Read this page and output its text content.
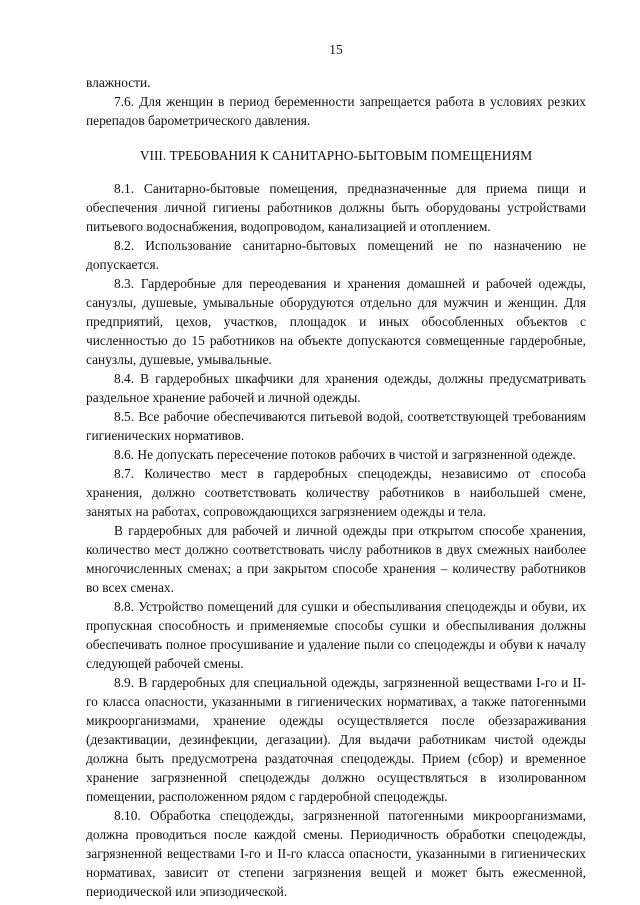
15

влажности.

7.6. Для женщин в период беременности запрещается работа в условиях резких перепадов барометрического давления.

VIII. ТРЕБОВАНИЯ К САНИТАРНО-БЫТОВЫМ ПОМЕЩЕНИЯМ

8.1. Санитарно-бытовые помещения, предназначенные для приема пищи и обеспечения личной гигиены работников должны быть оборудованы устройствами питьевого водоснабжения, водопроводом, канализацией и отоплением.

8.2. Использование санитарно-бытовых помещений не по назначению не допускается.

8.3. Гардеробные для переодевания и хранения домашней и рабочей одежды, санузлы, душевые, умывальные оборудуются отдельно для мужчин и женщин. Для предприятий, цехов, участков, площадок и иных обособленных объектов с численностью до 15 работников на объекте допускаются совмещенные гардеробные, санузлы, душевые, умывальные.

8.4. В гардеробных шкафчики для хранения одежды, должны предусматривать раздельное хранение рабочей и личной одежды.

8.5. Все рабочие обеспечиваются питьевой водой, соответствующей требованиям гигиенических нормативов.

8.6. Не допускать пересечение потоков рабочих в чистой и загрязненной одежде.

8.7. Количество мест в гардеробных спецодежды, независимо от способа хранения, должно соответствовать количеству работников в наибольшей смене, занятых на работах, сопровождающихся загрязнением одежды и тела.

В гардеробных для рабочей и личной одежды при открытом способе хранения, количество мест должно соответствовать числу работников в двух смежных наиболее многочисленных сменах; а при закрытом способе хранения – количеству работников во всех сменах.

8.8. Устройство помещений для сушки и обеспыливания спецодежды и обуви, их пропускная способность и применяемые способы сушки и обеспыливания должны обеспечивать полное просушивание и удаление пыли со спецодежды и обуви к началу следующей рабочей смены.

8.9. В гардеробных для специальной одежды, загрязненной веществами I-го и II-го класса опасности, указанными в гигиенических нормативах, а также патогенными микроорганизмами, хранение одежды осуществляется после обеззараживания (дезактивации, дезинфекции, дегазации). Для выдачи работникам чистой одежды должна быть предусмотрена раздаточная спецодежды. Прием (сбор) и временное хранение загрязненной спецодежды должно осуществляться в изолированном помещении, расположенном рядом с гардеробной спецодежды.

8.10. Обработка спецодежды, загрязненной патогенными микроорганизмами, должна проводиться после каждой смены. Периодичность обработки спецодежды, загрязненной веществами I-го и II-го класса опасности, указанными в гигиенических нормативах, зависит от степени загрязнения вещей и может быть ежесменной, периодической или эпизодической.
